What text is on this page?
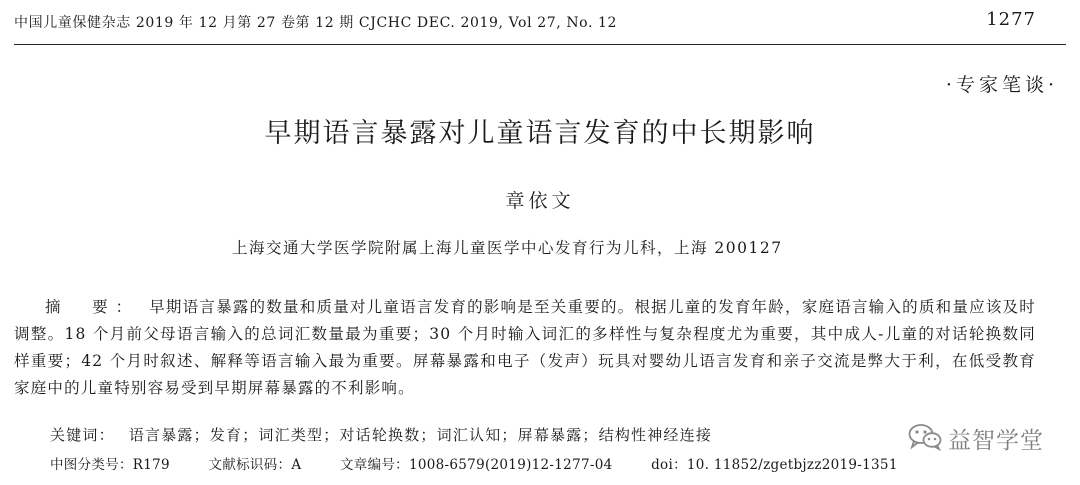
中国儿童保健杂志 2019 年 12 月第 27 卷第 12 期 CJCHC DEC. 2019, Vol 27, No. 12	1277
·专家笔谈·
早期语言暴露对儿童语言发育的中长期影响
章依文
上海交通大学医学院附属上海儿童医学中心发育行为儿科，上海 200127

摘　要： 早期语言暴露的数量和质量对儿童语言发育的影响是至关重要的。根据儿童的发育年龄，家庭语言输入的质和量应该及时调整。18 个月前父母语言输入的总词汇数量最为重要；30 个月时输入词汇的多样性与复杂程度尤为重要，其中成人-儿童的对话轮换数同样重要；42 个月时叙述、解释等语言输入最为重要。屏幕暴露和电子（发声）玩具对婴幼儿语言发育和亲子交流是弊大于利，在低受教育家庭中的儿童特别容易受到早期屏幕暴露的不利影响。

关键词： 语言暴露；发育；词汇类型；对话轮换数；词汇认知；屏幕暴露；结构性神经连接
中图分类号：R179	文献标识码：A	文章编号：1008-6579(2019)12-1277-04	doi：10. 11852/zgetbjzz2019-1351
益智学堂
